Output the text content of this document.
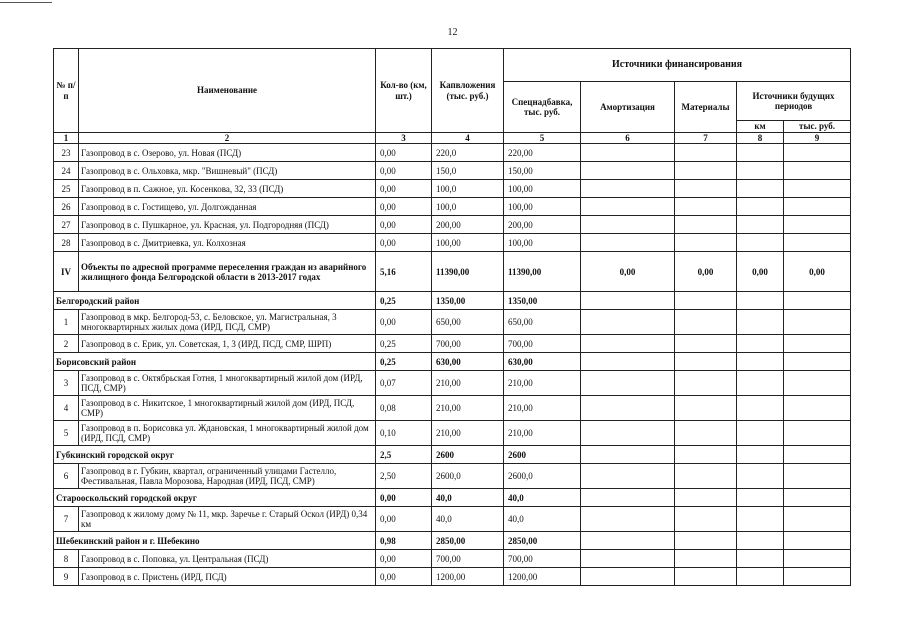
12
№ п/п	Наименование	Кол-во (км, шт.)	Капвложения (тыс. руб.)	Источники финансирования				
				Спецнадбавка, тыс. руб.	Амортизация	Материалы	Источники будущих периодов	
							км	тыс. руб.
1	2	3	4	5	6	7	8	9
23	Газопровод в с. Озерово, ул. Новая (ПСД)	0,00	220,0	220,00				
24	Газопровод в с. Ольховка, мкр. "Вишневый" (ПСД)	0,00	150,0	150,00				
25	Газопровод в п. Сажное, ул. Косенкова, 32, 33 (ПСД)	0,00	100,0	100,00				
26	Газопровод в с. Гостищево, ул. Долгожданная	0,00	100,0	100,00				
27	Газопровод в с. Пушкарное, ул. Красная, ул. Подгородняя (ПСД)	0,00	200,00	200,00				
28	Газопровод в с. Дмитриевка, ул. Колхозная	0,00	100,00	100,00				
IV	Объекты по адресной программе переселения граждан из аварийного жилищного фонда Белгородской области в 2013-2017 годах	5,16	11390,00	11390,00	0,00	0,00	0,00	0,00
Белгородский район		0,25	1350,00	1350,00				
1	Газопровод в мкр. Белгород-53, с. Беловское, ул. Магистральная, 3 многоквартирных жилых дома (ИРД, ПСД, СМР)	0,00	650,00	650,00				
2	Газопровод в с. Ерик, ул. Советская, 1, 3 (ИРД, ПСД, СМР, ШРП)	0,25	700,00	700,00				
Борисовский район		0,25	630,00	630,00				
3	Газопровод в с. Октябрьская Готня, 1 многоквартирный жилой дом (ИРД, ПСД, СМР)	0,07	210,00	210,00				
4	Газопровод в с. Никитское, 1 многоквартирный жилой дом (ИРД, ПСД, СМР)	0,08	210,00	210,00				
5	Газопровод в п. Борисовка ул. Ждановская, 1 многоквартирный жилой дом (ИРД, ПСД, СМР)	0,10	210,00	210,00				
Губкинский городской округ		2,5	2600	2600				
6	Газопровод в г. Губкин, квартал, ограниченный улицами Гастелло, Фестивальная, Павла Морозова, Народная (ИРД, ПСД, СМР)	2,50	2600,0	2600,0				
Старооскольский городской округ		0,00	40,0	40,0				
7	Газопровод к жилому дому № 11, мкр. Заречье г. Старый Оскол (ИРД) 0,34 км	0,00	40,0	40,0				
Шебекинский район и г. Шебекино		0,98	2850,00	2850,00				
8	Газопровод в с. Поповка, ул. Центральная (ПСД)	0,00	700,00	700,00				
9	Газопровод в с. Пристень (ИРД, ПСД)	0,00	1200,00	1200,00				
